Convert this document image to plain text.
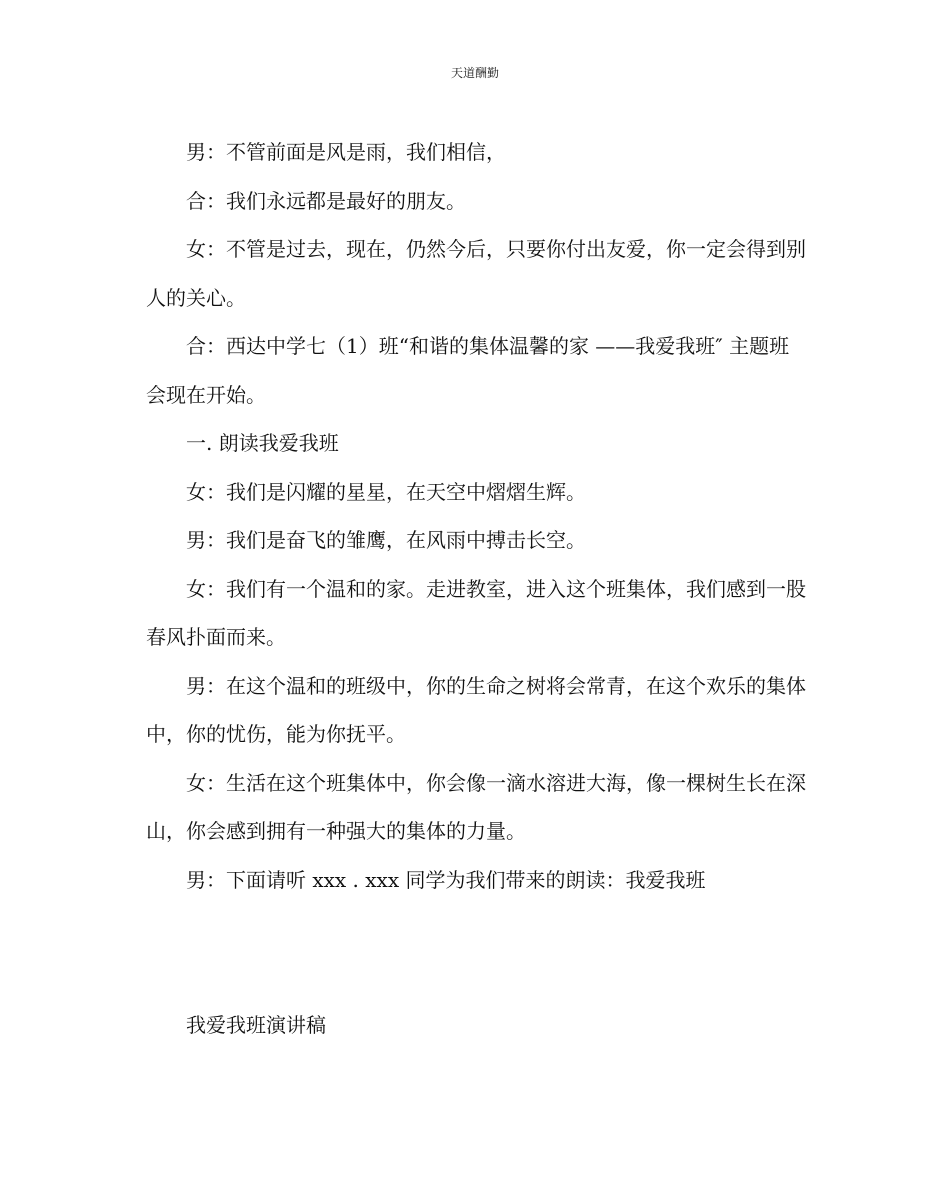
天道酬勤

男：不管前面是风是雨，我们相信，

合：我们永远都是最好的朋友。

女：不管是过去，现在，仍然今后，只要你付出友爱，你一定会得到别人的关心。

合：西达中学七（1）班“和谐的集体温馨的家 ——我爱我班″ 主题班会现在开始。

一. 朗读我爱我班

女：我们是闪耀的星星，在天空中熠熠生辉。

男：我们是奋飞的雏鹰，在风雨中搏击长空。

女：我们有一个温和的家。走进教室，进入这个班集体，我们感到一股春风扑面而来。

男：在这个温和的班级中，你的生命之树将会常青，在这个欢乐的集体中，你的忧伤，能为你抚平。

女：生活在这个班集体中，你会像一滴水溶进大海，像一棵树生长在深山，你会感到拥有一种强大的集体的力量。

男：下面请听 xxx . xxx 同学为我们带来的朗读：我爱我班

我爱我班演讲稿
